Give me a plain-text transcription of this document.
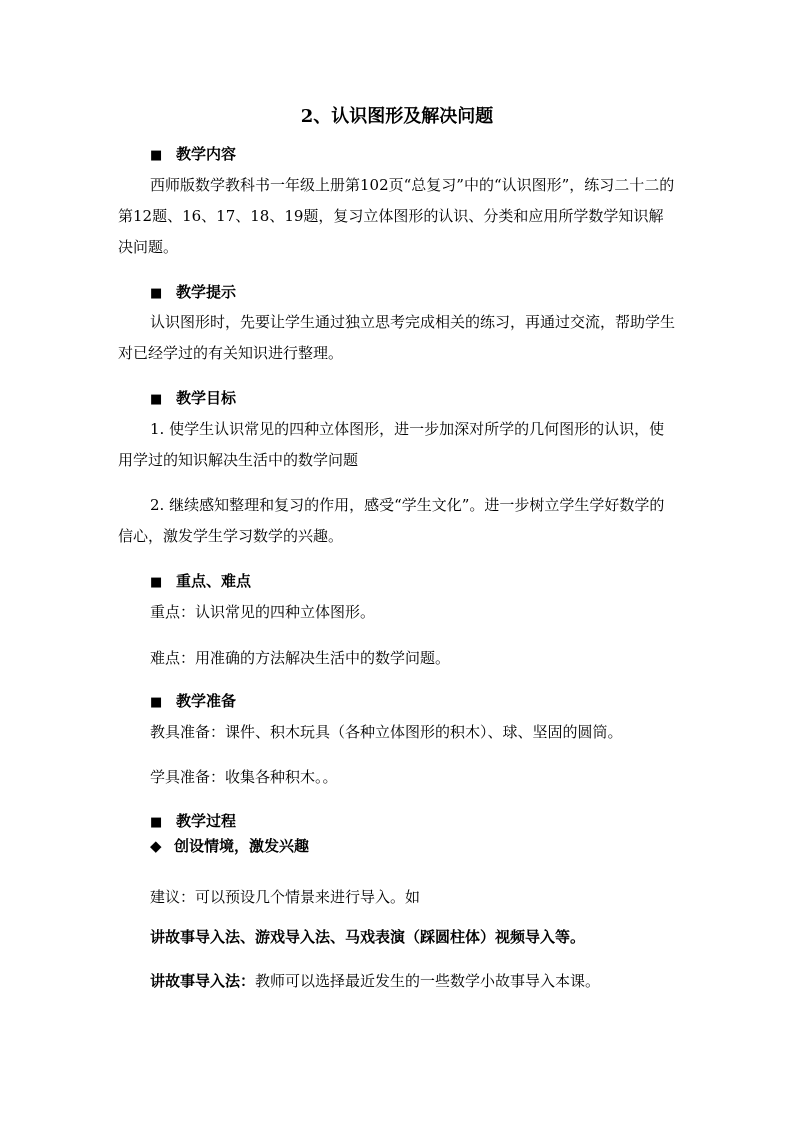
2、认识图形及解决问题
■ 教学内容
西师版数学教科书一年级上册第102页“总复习”中的“认识图形”，练习二十二的第12题、16、17、18、19题，复习立体图形的认识、分类和应用所学数学知识解决问题。
■ 教学提示
认识图形时，先要让学生通过独立思考完成相关的练习，再通过交流，帮助学生对已经学过的有关知识进行整理。
■ 教学目标
1. 使学生认识常见的四种立体图形，进一步加深对所学的几何图形的认识，使用学过的知识解决生活中的数学问题
2. 继续感知整理和复习的作用，感受“学生文化”。进一步树立学生学好数学的信心，激发学生学习数学的兴趣。
■ 重点、难点
重点：认识常见的四种立体图形。
难点：用准确的方法解决生活中的数学问题。
■ 教学准备
教具准备：课件、积木玩具（各种立体图形的积木）、球、坚固的圆筒。
学具准备：收集各种积木。。
■ 教学过程
◆ 创设情境，激发兴趣
建议：可以预设几个情景来进行导入。如
讲故事导入法、游戏导入法、马戏表演（踩圆柱体）视频导入等。
讲故事导入法：教师可以选择最近发生的一些数学小故事导入本课。
